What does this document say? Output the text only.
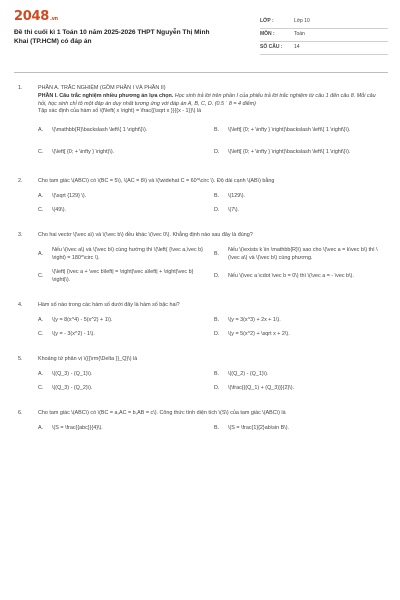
2048.vn
Đề thi cuối kì 1 Toán 10 năm 2025-2026 THPT Nguyễn Thị Minh Khai (TP.HCM) có đáp án
LỚP :	Lớp 10
MÔN :	Toán
SỐ CÂU :	14
1.	PHẦN A. TRẮC NGHIỆM (GỒM PHẦN I VÀ PHẦN II)
PHẦN I. Câu trắc nghiệm nhiều phương án lựa chọn. Học sinh trả lời trên phần I của phiếu trả lời trắc nghiệm từ câu 1 đến câu 8. Mỗi câu hỏi, học sinh chỉ tô một đáp án duy nhất tương ứng với đáp án A, B, C, D. (0.5 ˙ 8 = 4 điểm)
Tập xác định của hàm số \(f\left( x \right) = \frac{{\sqrt x }}{{x - 1}}\) là
A.	\(\mathbb{R}\backslash \left\{ 1 \right\}\).	B.	\(\left[ {0; + \infty } \right)\backslash \left\{ 1 \right\}\).
C.	\(\left[ {0; + \infty } \right)\).	D.	\(\left[ {0; + \infty } \right)\backslash \left\{ 1 \right\}\).
2.	Cho tam giác \(ABC\) có \(BC = 5\), \(AC = 8\) và \(\widehat C = 60^\circ \). Độ dài cạnh \(AB\) bằng
A.	\(\sqrt {129} \).	B.	\(129\).
C.	\(49\).	D.	\(7\).
3.	Cho hai vectơ \(\vec a\) và \(\vec b\) đều khác \(\vec 0\). Khẳng định nào sau đây là đúng?
A.
Nếu \(\vec a\) và \(\vec b\) cùng hướng thì \(\left( {\vec a,\vec b} \right) = 180^\circ \).
B.
Nếu \(\exists k \in \mathbb{R}\) sao cho \(\vec a = k\vec b\) thì \(\vec a\) và \(\vec b\) cùng phương.
C.
\(\left| {\vec a + \vec b\left| = \right|\vec a\left| + \right|\vec b} \right|\).
D.	Nếu \(\vec a \cdot \vec b = 0\) thì \(\vec a = - \vec b\).
4.	Hàm số nào trong các hàm số dưới đây là hàm số bậc hai?
A.	\(y = 8(x^4) - 5(x^2) + 1\).	B.	\(y = 3(x^3) + 2x + 1\).
C.	\(y = - 3(x^2) - 1\).	D.	\(y = 5(x^2) + \sqrt x + 2\).
5.	Khoảng tứ phân vị \({{\rm{\Delta }}_Q}\) là
A.	\((Q_3) - (Q_1)\).	B.	\((Q_2) - (Q_1)\).
C.	\((Q_3) - (Q_2)\).	D.	\(\frac{{(Q_1) + (Q_3)}}{2}\).
6.	Cho tam giác \(ABC\) có \(BC = a,AC = b,AB = c\). Công thức tính diện tích \(S\) của tam giác \(ABC\) là
A.	\(S = \frac{{abc}}{4}\).	B.	\(S = \frac{1}{2}ab\sin B\).
